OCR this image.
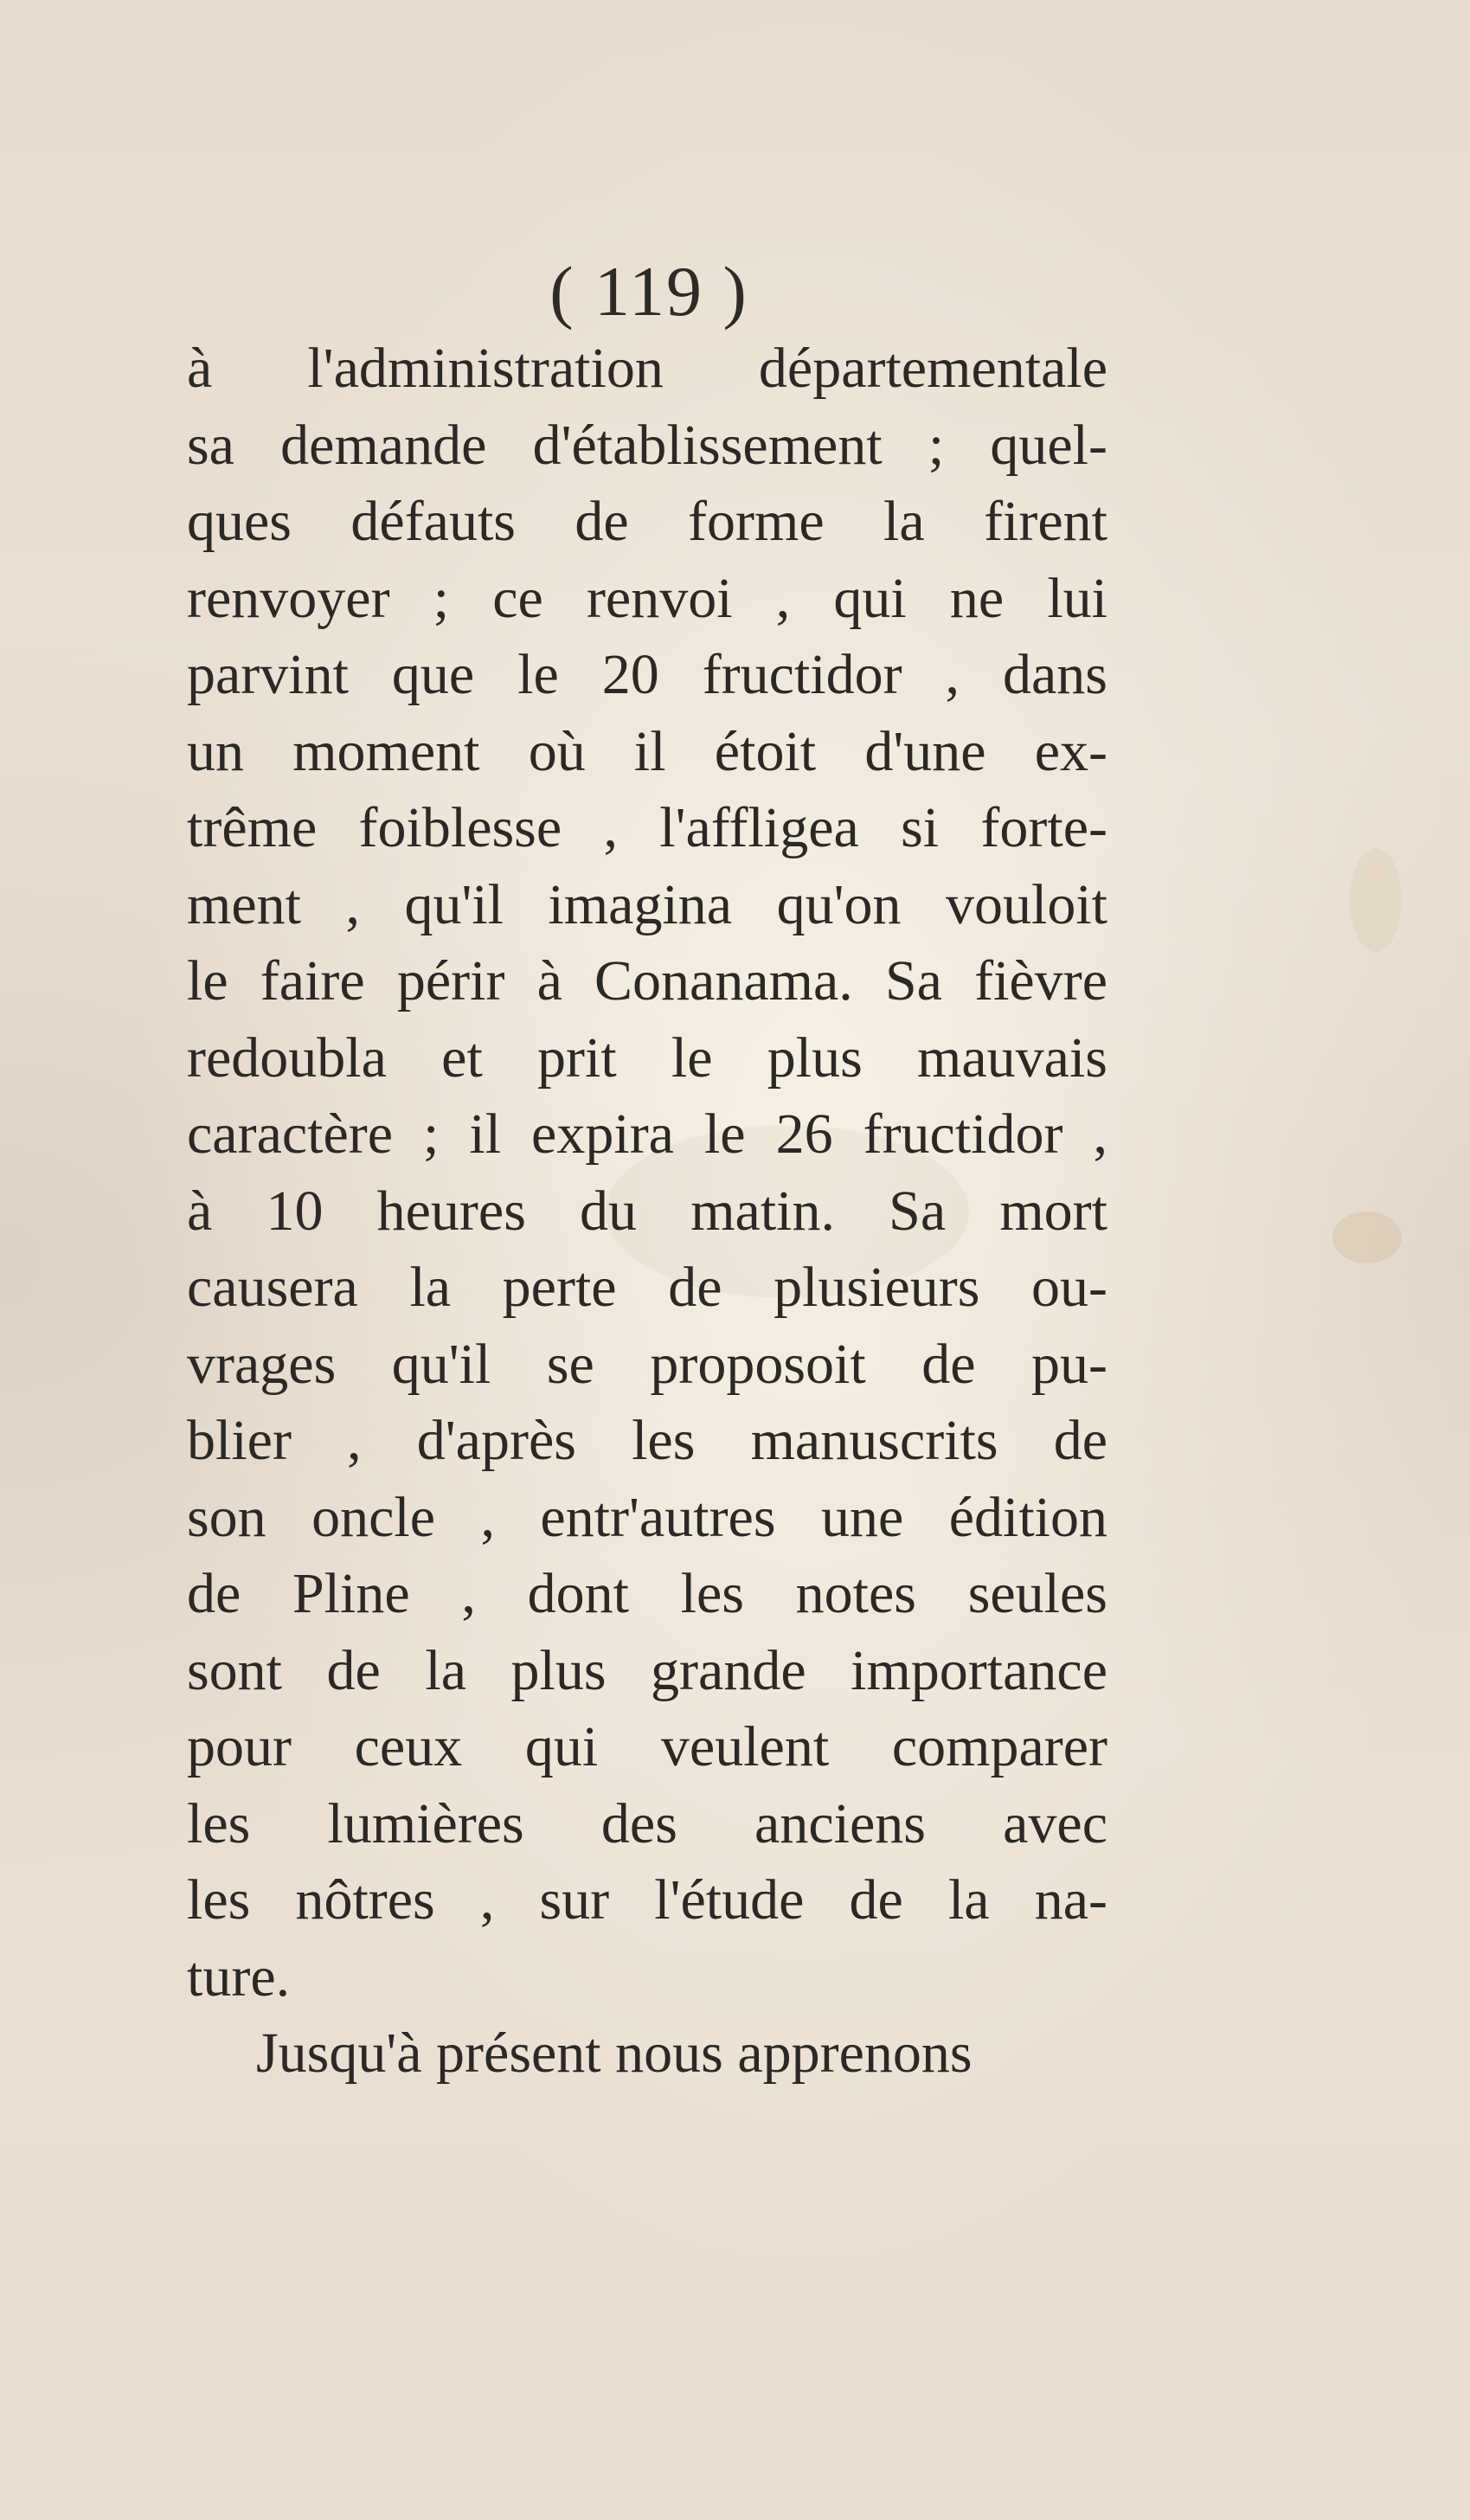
( 119 )
à l'administration départementale
sa demande d'établissement ; quel-
ques défauts de forme la firent
renvoyer ; ce renvoi , qui ne lui
parvint que le 20 fructidor , dans
un moment où il étoit d'une ex-
trême foiblesse , l'affligea si forte-
ment , qu'il imagina qu'on vouloit
le faire périr à Conanama. Sa fièvre
redoubla et prit le plus mauvais
caractère ; il expira le 26 fructidor ,
à 10 heures du matin. Sa mort
causera la perte de plusieurs ou-
vrages qu'il se proposoit de pu-
blier , d'après les manuscrits de
son oncle , entr'autres une édition
de Pline , dont les notes seules
sont de la plus grande importance
pour ceux qui veulent comparer
les lumières des anciens avec
les nôtres , sur l'étude de la na-
ture.
Jusqu'à présent nous apprenons
